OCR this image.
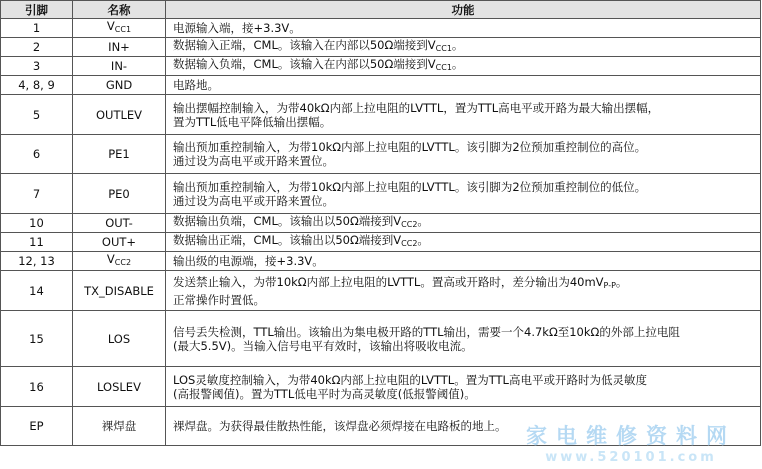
引脚	名称	功能
1	$V_{CC1}$	电源输入端，接+3.3V。
2	IN+	数据输入正端，CML。该输入在内部以50Ω端接到$V_{CC1}$。
3	IN-	数据输入负端，CML。该输入在内部以50Ω端接到$V_{CC1}$。
4, 8, 9	GND	电路地。
5	OUTLEV	输出摆幅控制输入，为带40kΩ内部上拉电阻的LVTTL，置为TTL高电平或开路为最大输出摆幅，
置为TTL低电平降低输出摆幅。
6	PE1	输出预加重控制输入，为带10kΩ内部上拉电阻的LVTTL。该引脚为2位预加重控制位的高位。
通过设为高电平或开路来置位。
7	PE0	输出预加重控制输入，为带10kΩ内部上拉电阻的LVTTL。该引脚为2位预加重控制位的低位。
通过设为高电平或开路来置位。
10	OUT-	数据输出负端，CML。该输出以50Ω端接到$V_{CC2}$。
11	OUT+	数据输出正端，CML。该输出以50Ω端接到$V_{CC2}$。
12, 13	$V_{CC2}$	输出级的电源端，接+3.3V。
14	TX_DISABLE	发送禁止输入，为带10kΩ内部上拉电阻的LVTTL。置高或开路时，差分输出为$40mV_{P-P}$。
正常操作时置低。
15	LOS	信号丢失检测，TTL输出。该输出为集电极开路的TTL输出，需要一个4.7kΩ至10kΩ的外部上拉电阻
(最大5.5V)。当输入信号电平有效时，该输出将吸收电流。
16	LOSLEV	LOS灵敏度控制输入，为带40kΩ内部上拉电阻的LVTTL。置为TTL高电平或开路时为低灵敏度
(高报警阈值)。置为TTL低电平时为高灵敏度(低报警阈值)。
EP	裸焊盘	裸焊盘。为获得最佳散热性能，该焊盘必须焊接在电路板的地上。 家电维修资料网
www.520101.com
